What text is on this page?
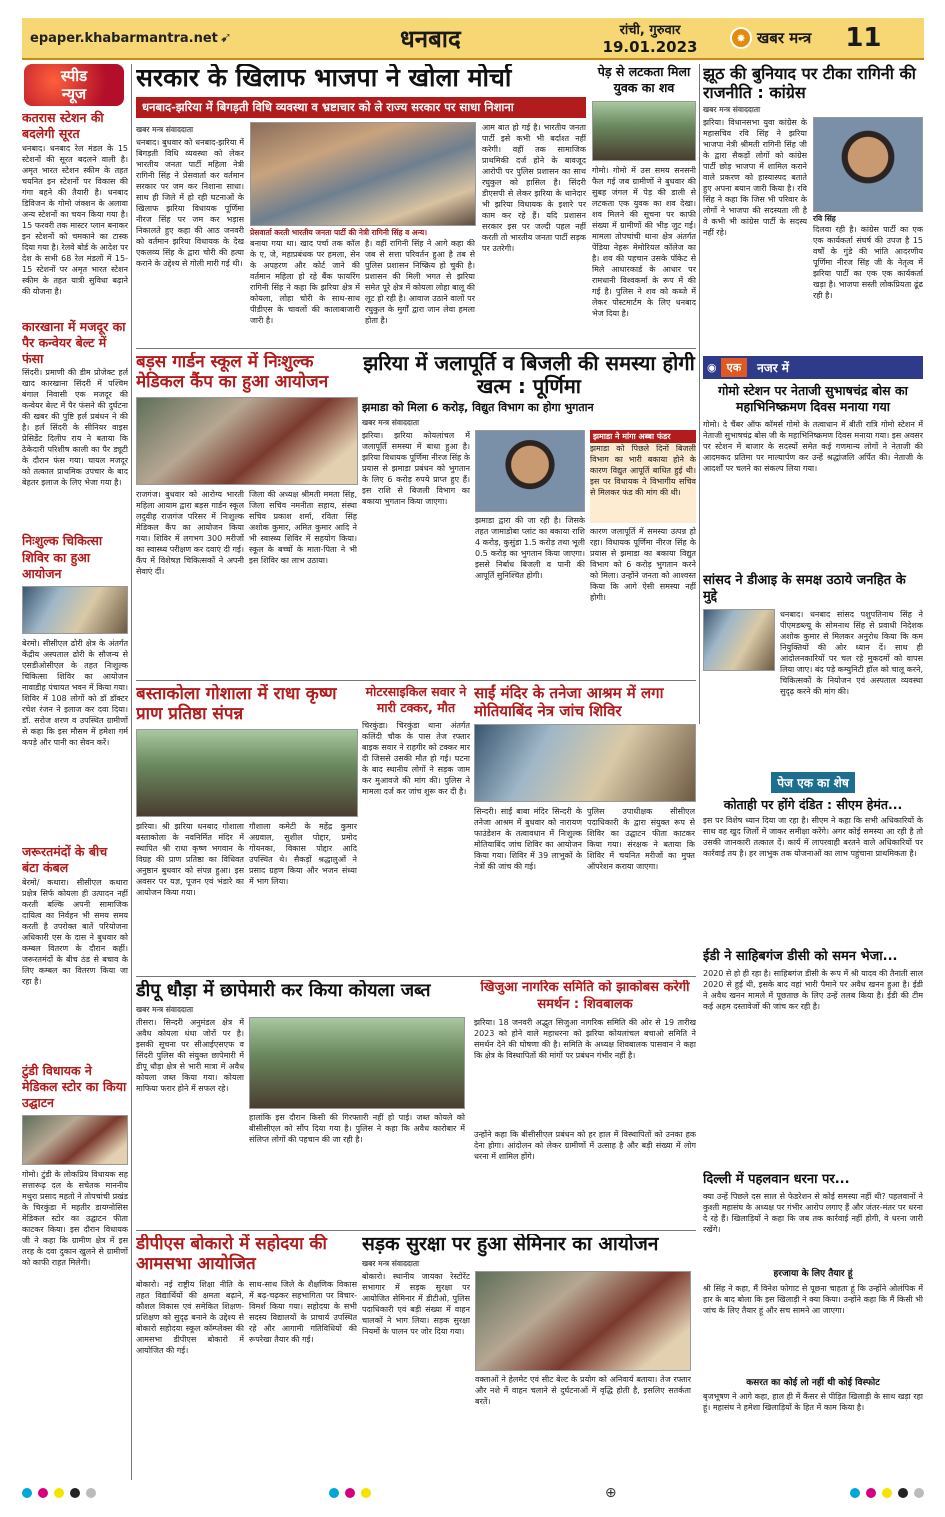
epaper.khabarmantra.net ➹	धनबाद	रांची, गुरुवार
19.01.2023	✸ खबर मन्त्र 11
स्पीड
न्यूज
कतरास स्टेशन की बदलेगी सूरत
धनबाद। धनबाद रेल मंडल के 15 स्टेशनों की सूरत बदलने वाली है। अमृत भारत स्टेशन स्कीम के तहत चयनित इन स्टेशनों पर विकास की गंगा बहने की तैयारी है। धनबाद डिविजन के गोमो जंक्शन के अलावा अन्य स्टेशनों का चयन किया गया है। 15 फरवरी तक मास्टर प्लान बनाकर इन स्टेशनों को चमकाने का टास्क दिया गया है। रेलवे बोर्ड के आदेश पर देश के सभी 68 रेल मंडलों में 15-15 स्टेशनों पर अमृत भारत स्टेशन स्कीम के तहत यात्री सुविधा बढ़ाने की योजना है।
कारखाना में मजदूर का पैर कन्वेयर बेल्ट में फंसा
सिंदरी। प्रमाणी की डीम प्रोजेक्ट हर्ल खाद कारखाना सिंदरी में पश्चिम बंगाल निवासी एक मजदूर की कन्वेयर बेल्ट में पैर फंसने की दुर्घटना की खबर की पुष्टि हर्ल प्रबंधन ने की है। हर्ल सिंदरी के सीनियर वाइस प्रेसिडेंट दिलीप राय ने बताया कि ठेकेदारी परिशीष काली का पैर ड्यूटी के दौरान फंस गया। घायल मजदूर को तत्काल प्राथमिक उपचार के बाद बेहतर इलाज के लिए भेजा गया है।
निःशुल्क चिकित्सा शिविर का हुआ आयोजन
बेरमो। सीसीएल ढोरी क्षेत्र के अंतर्गत केंद्रीय अस्पताल ढोरी के सौजन्य से एसडीओसीएल के तहत निःशुल्क चिकित्सा शिविर का आयोजन नावाडीह पंचायत भवन में किया गया। शिविर में 108 लोगों को डॉ डॉक्टर रचेश रंजन ने इलाज कर दवा दिया। डॉ. सरोज शरण व उपस्थित ग्रामीणों से कहा कि इस मौसम में हमेशा गर्म कपड़े और पानी का सेवन करें।
जरूरतमंदों के बीच बंटा कंबल
बेरमो/ कथारा। सीसीएल कथारा प्रक्षेत्र सिर्फ कोयला ही उत्पादन नहीं करती बल्कि अपनी सामाजिक दायित्व का निर्वहन भी समय समय करती है उपरोक्त बातें परियोजना अधिकारी एस के दास ने बुधवार को कम्बल वितरण के दौरान कहीं। जरूरतमंदों के बीच ठंड से बचाव के लिए कम्बल का वितरण किया जा रहा है।
टुंडी विधायक ने मेडिकल स्टोर का किया उद्घाटन
गोमो। टुंडी के लोकप्रिय विधायक सह सत्तारूढ़ दल के सचेतक माननीय मथुरा प्रसाद महतो ने तोपचांची प्रखंड के चिरकुंडा में महतीर डायग्नोसिस मेडिकल स्टोर का उद्घाटन फीता काटकर किया। इस दौरान विधायक जी ने कहा कि ग्रामीण क्षेत्र में इस तरह के दवा दुकान खुलने से ग्रामीणों को काफी राहत मिलेगी।
सरकार के खिलाफ भाजपा ने खोला मोर्चा
धनबाद-झरिया में बिगड़ती विधि व्यवस्था व भ्रष्टाचार को ले राज्य सरकार पर साधा निशाना
खबर मन्त्र संवाददाता
धनबाद। बुधवार को धनबाद-झरिया में बिगड़ती विधि व्यवस्था को लेकर भारतीय जनता पार्टी महिला नेत्री रागिनी सिंह ने प्रेसवार्ता कर वर्तमान सरकार पर जम कर निशाना साधा। साथ ही जिले में हो रही घटनाओं के खिलाफ झरिया विधायक पूर्णिमा नीरज सिंह पर जम कर भड़ास निकालते हुए कहा की आठ जनवरी को वर्तमान झरिया विधायक के देख एकलव्य सिंह के द्वारा चोरी की हत्या कराने के उद्देश्य से गोली मारी गई थी।
प्रेसवार्ता करती भारतीय जनता पार्टी की नेत्री रागिनी सिंह व अन्य।
बनाया गया था। खाद पर्चा तक कॉल के ए, जे, महाप्रबंधक पर हमला, सेन के अपहरण और कोर्ट जाने की वर्तमान महिला हो रहे बैंक फायरिंग रागिनी सिंह ने कहा कि झरिया क्षेत्र में कोयला, लोहा चोरी के साथ-साथ पीडीएस के चावलों की कालाबाजारी जारी है।
है। वहीं रागिनी सिंह ने आगे कहा की जब से सत्ता परिवर्तन हुआ है तब से पुलिस प्रशासन निष्क्रिय हो चुकी है। प्रशासन की मिली भगत से झरिया समेत पूरे क्षेत्र में कोयला लोहा बालू की लूट हो रही है। आवाज उठाने वालों पर रघुकुल के मुर्गों द्वारा जान लेवा हमला होता है।
आम बात हो गई है। भारतीय जनता पार्टी इसे कभी भी बर्दाश्त नहीं करेगी। वहीं तक सामाजिक प्राथमिकी दर्ज होने के बावजूद आरोपी पर पुलिस प्रशासन का साथ रघुकुल को हासिल है। सिंदरी डीएसपी से लेकर झरिया के थानेदार भी झरिया विधायक के इशारे पर काम कर रहे हैं। यदि प्रशासन सरकार इस पर जल्दी पहल नहीं करती तो भारतीय जनता पार्टी सड़क पर उतरेगी।
पेड़ से लटकता मिला युवक का शव
गोमो। गोमो में उस समय सनसनी फैल गई जब ग्रामीणों ने बुधवार की सुबह जंगल में पेड़ की डाली से लटकता एक युवक का शव देखा। शव मिलने की सूचना पर काफी संख्या में ग्रामीणों की भीड़ जुट गई। मामला तोपचांची थाना क्षेत्र अंतर्गत पेंडिया नेहरू मेमोरियल कॉलेज का है। शव की पहचान उसके पॉकेट से मिले आधारकार्ड के आधार पर रामधानी विश्वकर्मा के रूप में की गई है। पुलिस ने शव को कब्जे में लेकर पोस्टमार्टम के लिए धनबाद भेज दिया है।
झूठ की बुनियाद पर टीका रागिनी की राजनीति : कांग्रेस
खबर मन्त्र संवाददाता
झरिया। विधानसभा युवा कांग्रेस के महासचिव रवि सिंह ने झरिया भाजपा नेत्री श्रीमती रागिनी सिंह जी के द्वारा सैकड़ों लोगों को कांग्रेस पार्टी छोड़ भाजपा में शामिल कराने वाले प्रकरण को हास्यास्पद बताते हुए अपना बयान जारी किया है। रवि सिंह ने कहा कि जिस भी परिवार के लोगों ने भाजपा की सदस्यता ली है वे कभी भी कांग्रेस पार्टी के सदस्य नहीं रहे।
रवि सिंह
दिलवा रही है। कांग्रेस पार्टी का एक एक कार्यकर्ता संघर्ष की उपज है 15 वर्षों के गुंडे की भांति आदरणीय पूर्णिमा नीरज सिंह जी के नेतृत्व में झरिया पार्टी का एक एक कार्यकर्ता खड़ा है। भाजपा सस्ती लोकप्रियता ढूंढ रही है।
◉ एक	नजर में
गोमो स्टेशन पर नेताजी सुभाषचंद्र बोस का महाभिनिष्क्रमण दिवस मनाया गया
गोमो। दे चैंबर ऑफ कॉमर्स गोमो के तत्वाधान में बीती रात्रि गोमो स्टेशन में नेताजी सुभाषचंद्र बोस जी के महाभिनिष्क्रमण दिवस मनाया गया। इस अवसर पर स्टेशन में बाजार के सदस्यों समेत कई गणमान्य लोगों ने नेताजी की आदमकद प्रतिमा पर माल्यार्पण कर उन्हें श्रद्धांजलि अर्पित की। नेताजी के आदर्शों पर चलने का संकल्प लिया गया।
सांसद ने डीआइ के समक्ष उठाये जनहित के मुद्दे
धनबाद। धनबाद सांसद पशुपतिनाथ सिंह ने पीएमडब्ल्यू के सोमनाथ सिंह से प्रवाधी निदेशक अशोक कुमार से मिलकर अनुरोध किया कि कम नियुक्तियों की ओर ध्यान दें। साथ ही आंदोलनकारियों पर चल रहे मुकदमों को वापस लिया जाए। बंद पड़े कम्युनिटी हॉल को चालू करने, चिकित्सकों के नियोजन एवं अस्पताल व्यवस्था सुदृढ़ करने की मांग की।
पेज एक का शेष
कोताही पर होंगे दंडित : सीएम हेमंत...
इस पर विशेष ध्यान दिया जा रहा है। सीएम ने कहा कि सभी अधिकारियों के साथ वह खुद जिलों में जाकर समीक्षा करेंगे। अगर कोई समस्या आ रही है तो उसकी जानकारी तत्काल दें। कार्य में लापरवाही बरतने वाले अधिकारियों पर कार्रवाई तय है। हर लाभुक तक योजनाओं का लाभ पहुंचाना प्राथमिकता है।
ईडी ने साहिबगंज डीसी को समन भेजा...
2020 से हो ही रहा है। साहिबगंज डीसी के रूप में श्री यादव की तैनाती साल 2020 से हुई थी, इसके बाद वहां भारी पैमाने पर अवैध खनन हुआ है। ईडी ने अवैध खनन मामले में पूछताछ के लिए उन्हें तलब किया है। ईडी की टीम कई अहम दस्तावेजों की जांच कर रही है।
दिल्ली में पहलवान धरना पर...
क्या उन्हें पिछले दस साल से फेडरेशन से कोई समस्या नहीं थी? पहलवानों ने कुश्ती महासंघ के अध्यक्ष पर गंभीर आरोप लगाए हैं और जंतर-मंतर पर धरना दे रहे हैं। खिलाड़ियों ने कहा कि जब तक कार्रवाई नहीं होगी, वे धरना जारी रखेंगे।
हरजाया के लिए तैयार हूं
श्री सिंह ने कहा, मैं विनेश फोगाट से पूछना चाहता हूं कि उन्होंने ओलंपिक में हार के बाद बोला कि इस खिलाड़ी ने क्या किया। उन्होंने कहा कि मैं किसी भी जांच के लिए तैयार हूं और सच सामने आ जाएगा।
कसरत का कोई लो नहीं थी कोई विस्फोट
बृजभूषण ने आगे कहा, हाल ही में कैंसर से पीड़ित खिलाड़ी के साथ खड़ा रहा हूं। महासंघ ने हमेशा खिलाड़ियों के हित में काम किया है।
बड़स गार्डन स्कूल में निःशुल्क मेडिकल कैंप का हुआ आयोजन
राजगंज। बुधवार को आरोग्य भारती महिला आयाम द्वारा बड़स गार्डन स्कूल लदुवीह राजगंज परिसर में निःशुल्क मेडिकल कैंप का आयोजन किया गया। शिविर में लगभग 300 मरीजों का स्वास्थ्य परीक्षण कर दवाएं दी गई। कैंप में विशेषज्ञ चिकित्सकों ने अपनी सेवाएं दीं।
जिला की अध्यक्ष श्रीमती ममता सिंह, जिला सचिव नमनीता सहाय, संस्था सचिव प्रकाश शर्मा, रविता सिंह अशोक कुमार, अमित कुमार आदि ने भी स्वास्थ्य शिविर में सहयोग किया। स्कूल के बच्चों के माता-पिता ने भी इस शिविर का लाभ उठाया।
झरिया में जलापूर्ति व बिजली की समस्या होगी खत्म : पूर्णिमा
झमाडा को मिला 6 करोड़, विद्युत विभाग का होगा भुगतान
खबर मन्त्र संवाददाता
झरिया। झरिया कोयलांचल में जलापूर्ति समस्या में बाधा हुआ है। झरिया विधायक पूर्णिमा नीरज सिंह के प्रयास से झमाडा प्रबंधन को भुगतान के लिए 6 करोड़ रुपये प्राप्त हुए हैं। इस राशि से बिजली विभाग का बकाया भुगतान किया जाएगा।
झमाडा द्वारा की जा रही है। जिसके तहत जामाडोबा प्लांट का बकाया राशि 4 करोड़, कुसुंडा 1.5 करोड़ तथा भूली 0.5 करोड़ का भुगतान किया जाएगा। इससे निर्बाध बिजली व पानी की आपूर्ति सुनिश्चित होगी।
झमाडा ने मांगा अब्बा फंडर
झमाडा को पिछले दिनों बिजली विभाग का भारी बकाया होने के कारण विद्युत आपूर्ति बाधित हुई थी। इस पर विधायक ने विभागीय सचिव से मिलकर फंड की मांग की थी।
कारण जलापूर्ति में समस्या उत्पन्न हो रहा। विधायक पूर्णिमा नीरज सिंह के प्रयास से झमाडा का बकाया विद्युत विभाग को 6 करोड़ भुगतान करने को मिला। उन्होंने जनता को आश्वस्त किया कि आगे ऐसी समस्या नहीं होगी।
बस्ताकोला गोशाला में राधा कृष्ण प्राण प्रतिष्ठा संपन्न
झरिया। श्री झरिया धनबाद गोशाला बस्ताकोला के नवनिर्मित मंदिर में स्थापित श्री राधा कृष्ण भगवान के विग्रह की प्राण प्रतिष्ठा का विधिवत अनुष्ठान बुधवार को संपन्न हुआ। इस अवसर पर यज्ञ, पूजन एवं भंडारे का आयोजन किया गया।
गौशाला कमेटी के महेंद्र कुमार अग्रवाल, सुशील पोद्दार, प्रमोद गोयनका, विकास पोद्दार आदि उपस्थित थे। सैकड़ों श्रद्धालुओं ने प्रसाद ग्रहण किया और भजन संध्या में भाग लिया।
मोटरसाइकिल सवार ने मारी टक्कर, मौत
चिरकुंडा। चिरकुंडा थाना अंतर्गत कलिंदी चौक के पास तेज रफ्तार बाइक सवार ने राहगीर को टक्कर मार दी जिससे उसकी मौत हो गई। घटना के बाद स्थानीय लोगों ने सड़क जाम कर मुआवजे की मांग की। पुलिस ने मामला दर्ज कर जांच शुरू कर दी है।
साईं मंदिर के तनेजा आश्रम में लगा मोतियाबिंद नेत्र जांच शिविर
सिन्दरी। साईं बाबा मंदिर सिन्दरी के तनेजा आश्रम में बुधवार को नारायण फाउंडेशन के तत्वावधान में निःशुल्क मोतियाबिंद जांच शिविर का आयोजन किया गया। शिविर में 39 लाभुकों के नेत्रों की जांच की गई।
पुलिस उपाधीक्षक सीसीएल पदाधिकारी के द्वारा संयुक्त रूप से शिविर का उद्घाटन फीता काटकर किया गया। संरक्षक ने बताया कि शिविर में चयनित मरीजों का मुफ्त ऑपरेशन कराया जाएगा।
डीपू धौड़ा में छापेमारी कर किया कोयला जब्त
खबर मन्त्र संवाददाता
तीसरा। सिन्दरी अनुमंडल क्षेत्र में अवैध कोयला धंधा जोरों पर है। इसकी सूचना पर सीआईएसएफ व सिंदरी पुलिस की संयुक्त छापेमारी में डीपू धौड़ा क्षेत्र से भारी मात्रा में अवैध कोयला जब्त किया गया। कोयला माफिया फरार होने में सफल रहे।
हालांकि इस दौरान किसी की गिरफ्तारी नहीं हो पाई। जब्त कोयले को बीसीसीएल को सौंप दिया गया है। पुलिस ने कहा कि अवैध कारोबार में संलिप्त लोगों की पहचान की जा रही है।
खिजुआ नागरिक समिति को झाकोबस करेगी समर्थन : शिवबालक
झरिया। 18 जनवरी अद्भुत सिजुआ नागरिक समिति की ओर से 19 तारीख 2023 को होने वाले महाधरना को झरिया कोयलांचल बचाओ समिति ने समर्थन देने की घोषणा की है। समिति के अध्यक्ष शिवबालक पासवान ने कहा कि क्षेत्र के विस्थापितों की मांगों पर प्रबंधन गंभीर नहीं है।
उन्होंने कहा कि बीसीसीएल प्रबंधन को हर हाल में विस्थापितों को उनका हक देना होगा। आंदोलन को लेकर ग्रामीणों में उत्साह है और बड़ी संख्या में लोग धरना में शामिल होंगे।
डीपीएस बोकारो में सहोदया की आमसभा आयोजित
बोकारो। नई राष्ट्रीय शिक्षा नीति के तहत विद्यार्थियों की क्षमता बढ़ाने, कौशल विकास एवं समेकित शिक्षण-प्रशिक्षण को सुदृढ़ बनाने के उद्देश्य से बोकारो सहोदया स्कूल कॉम्प्लेक्स की आमसभा डीपीएस बोकारो में आयोजित की गई।
साथ-साथ जिले के शैक्षणिक विकास में बढ़-चढ़कर सहभागिता पर विचार-विमर्श किया गया। सहोदया के सभी सदस्य विद्यालयों के प्राचार्य उपस्थित रहे और आगामी गतिविधियों की रूपरेखा तैयार की गई।
सड़क सुरक्षा पर हुआ सेमिनार का आयोजन
खबर मन्त्र संवाददाता
बोकारो। स्थानीय जायका रेस्टोरेंट सभागार में सड़क सुरक्षा पर आयोजित सेमिनार में डीटीओ, पुलिस पदाधिकारी एवं बड़ी संख्या में वाहन चालकों ने भाग लिया। सड़क सुरक्षा नियमों के पालन पर जोर दिया गया।
वक्ताओं ने हेलमेट एवं सीट बेल्ट के प्रयोग को अनिवार्य बताया। तेज रफ्तार और नशे में वाहन चलाने से दुर्घटनाओं में वृद्धि होती है, इसलिए सतर्कता बरतें।
⊕
